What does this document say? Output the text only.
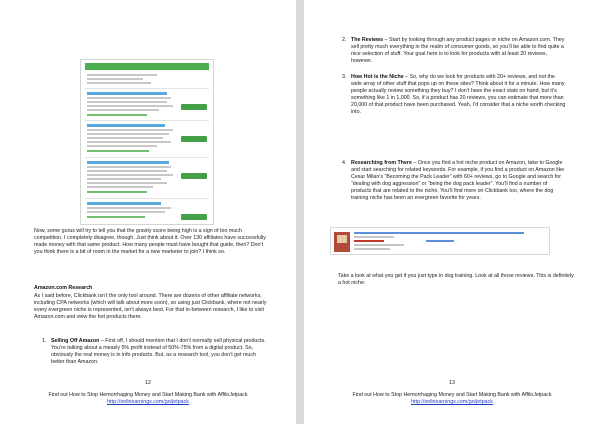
Now, some gurus will try to tell you that the gravity score being high is a sign of too much competition. I completely disagree, though. Just think about it. Over 130 affiliates have successfully made money with that same product. How many people must have bought that guide, then? Don’t you think there is a bit of room in the market for a new marketer to join? I think so.
Amazon.com Research
As I said before, Clickbank isn’t the only tool around. There are dozens of other affiliate networks, including CPA networks (which will talk about more soon), so using just Clickbank, where not nearly every evergreen niche is represented, isn’t always best. For that in-between research, I like to visit Amazon.com and view the hot products there.
1. Selling Off Amazon – First off, I should mention that I don’t normally sell physical products. You’re talking about a measly 5% profit instead of 50%-75% from a digital product. So, obviously the real money is in info products. But, as a research tool, you don’t get much better than Amazon.
12
Find out How to Stop Hemorrhaging Money and Start Making Bank with AffiloJetpack
http://onlinearnings.com/go/jetpack
2. The Reviews – Start by looking through any product pages or niche on Amazon.com. They sell pretty much everything in the realm of consumer goods, so you’ll be able to find quite a nice selection of stuff. Your goal here is to look for products with at least 20 reviews, however.
3. How Hot is the Niche – So, why do we look for products with 20+ reviews, and not the wide array of other stuff that pops up on these sites? Think about it for a minute. How many people actually review something they buy? I don’t have the exact stats on hand, but it’s something like 1 in 1,000. So, if a product has 20 reviews, you can estimate that more than 20,000 of that product have been purchased. Yeah, I’d consider that a niche worth checking into.
4. Researching from There – Once you find a hot niche product on Amazon, take to Google and start searching for related keywords. For example, if you find a product on Amazon like Cesar Milan’s “Becoming the Pack Leader” with 60+ reviews, go to Google and search for “dealing with dog aggression” or “being the dog pack leader”. You’ll find a number of products that are related to the niche. You’ll find more on Clickbank too, where the dog training niche has been an evergreen favorite for years.
Take a look at what you get if you just type in dog training. Look at all those reviews. This is definitely a hot niche:
13
Find out How to Stop Hemorrhaging Money and Start Making Bank with AffiloJetpack
http://onlinearnings.com/go/jetpack
